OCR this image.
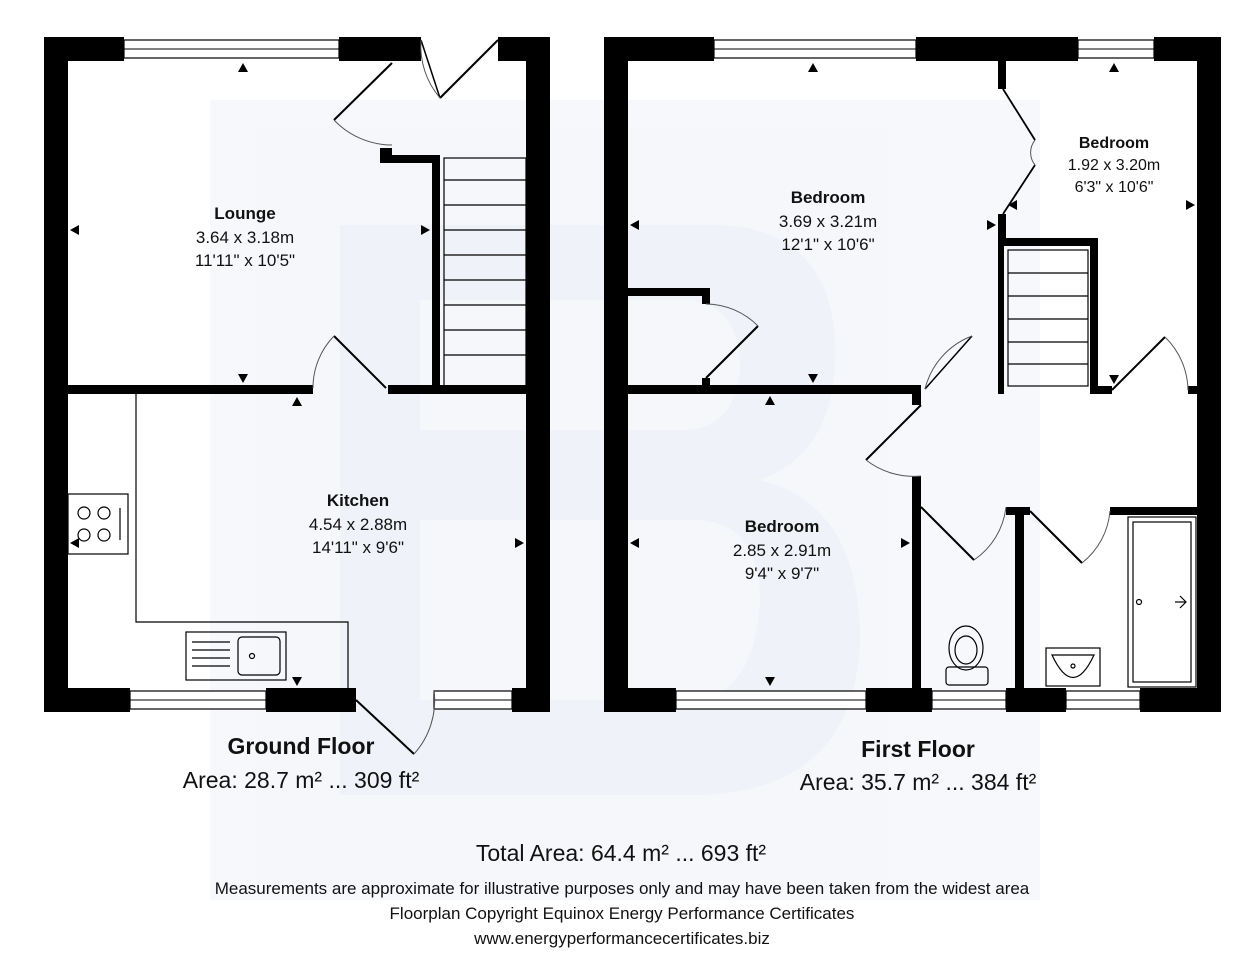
Lounge
3.64 x 3.18m
11'11" x 10'5"
Kitchen
4.54 x 2.88m
14'11" x 9'6"
Bedroom
3.69 x 3.21m
12'1" x 10'6"
Bedroom
1.92 x 3.20m
6'3" x 10'6"
Bedroom
2.85 x 2.91m
9'4" x 9'7"
Ground Floor
Area: 28.7 m² ... 309 ft²
First Floor
Area: 35.7 m² ... 384 ft²
Total Area: 64.4 m² ... 693 ft²
Measurements are approximate for illustrative purposes only and may have been taken from the widest area
Floorplan Copyright Equinox Energy Performance Certificates
www.energyperformancecertificates.biz
